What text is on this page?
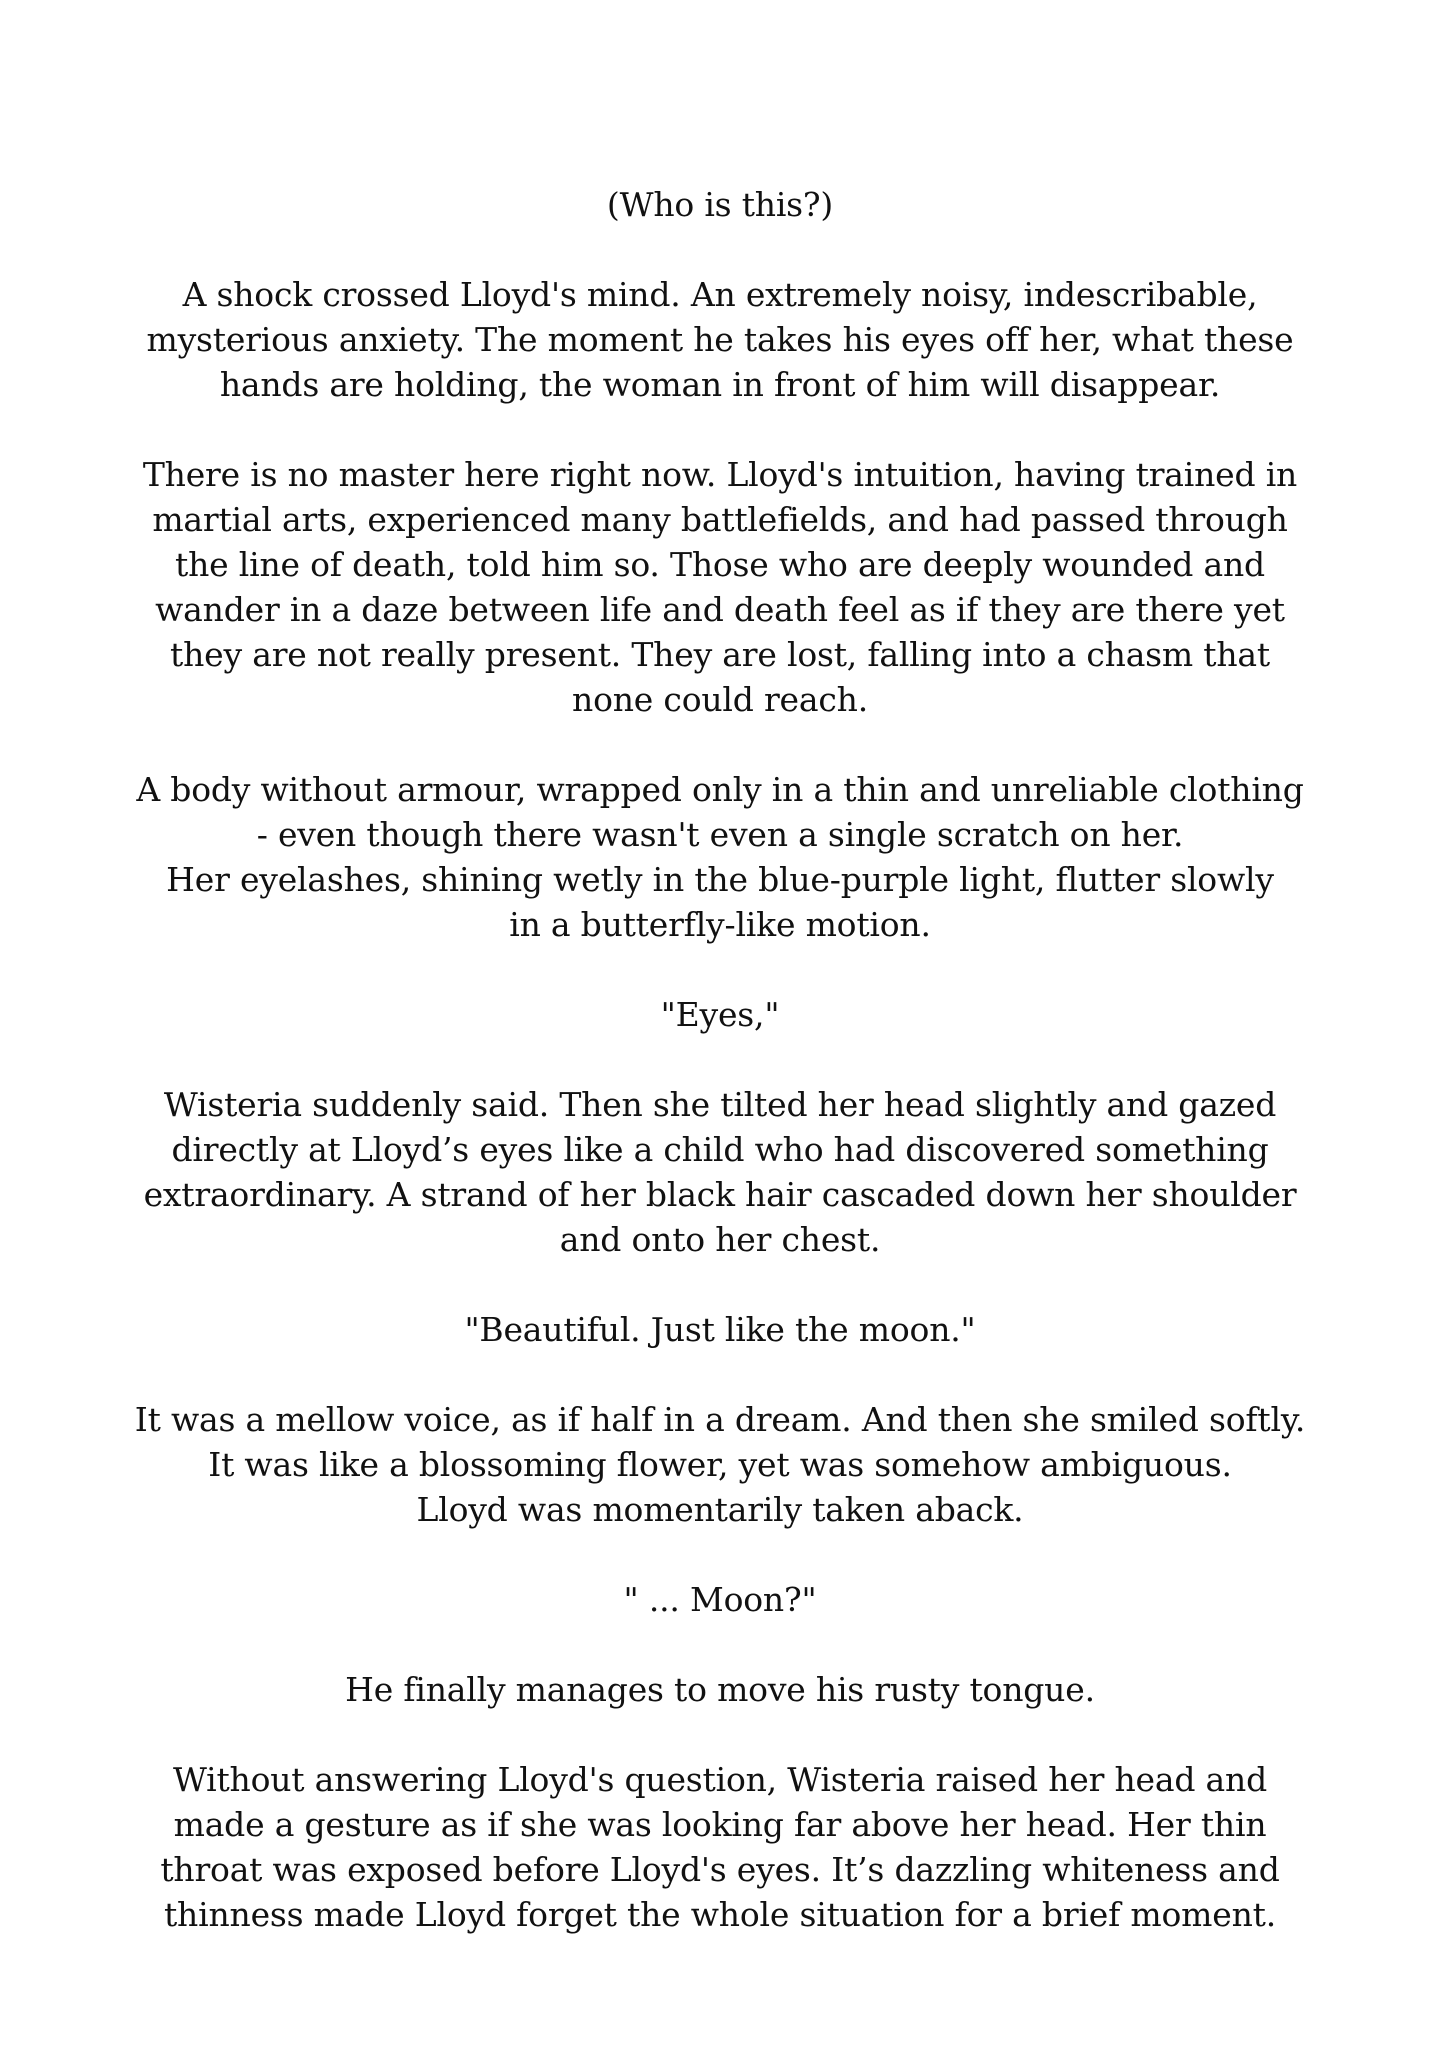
(Who is this?)

A shock crossed Lloyd's mind. An extremely noisy, indescribable,
mysterious anxiety. The moment he takes his eyes off her, what these
hands are holding, the woman in front of him will disappear.

There is no master here right now. Lloyd's intuition, having trained in
martial arts, experienced many battlefields, and had passed through
the line of death, told him so. Those who are deeply wounded and
wander in a daze between life and death feel as if they are there yet
they are not really present. They are lost, falling into a chasm that
none could reach.

A body without armour, wrapped only in a thin and unreliable clothing
- even though there wasn't even a single scratch on her.
Her eyelashes, shining wetly in the blue-purple light, flutter slowly
in a butterfly-like motion.

"Eyes,"

Wisteria suddenly said. Then she tilted her head slightly and gazed
directly at Lloyd’s eyes like a child who had discovered something
extraordinary. A strand of her black hair cascaded down her shoulder
and onto her chest.

"Beautiful. Just like the moon."

It was a mellow voice, as if half in a dream. And then she smiled softly.
It was like a blossoming flower, yet was somehow ambiguous.
Lloyd was momentarily taken aback.

" ... Moon?"

He finally manages to move his rusty tongue.

Without answering Lloyd's question, Wisteria raised her head and
made a gesture as if she was looking far above her head. Her thin
throat was exposed before Lloyd's eyes. It’s dazzling whiteness and
thinness made Lloyd forget the whole situation for a brief moment.
